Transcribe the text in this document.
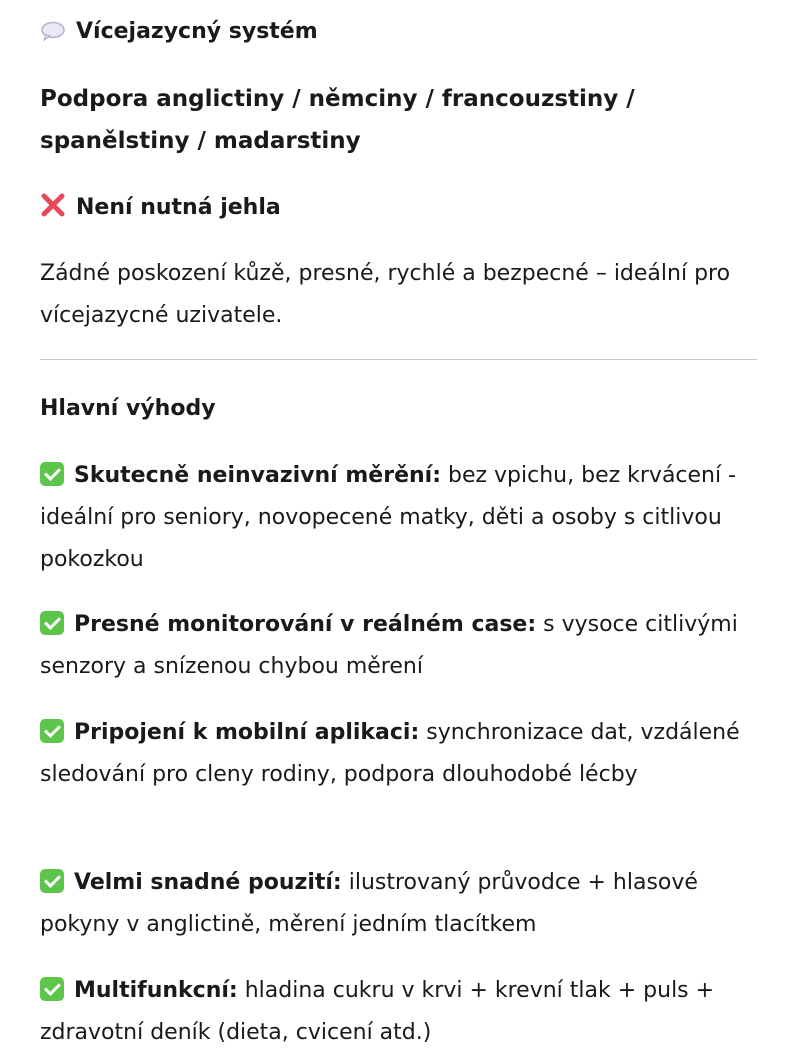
Vícejazycný systém
Podpora anglictiny / němciny / francouzstiny / spanělstiny / madarstiny
Není nutná jehla
Zádné poskození kůzě, presné, rychlé a bezpecné – ideální pro vícejazycné uzivatele.
Hlavní výhody
Skutecně neinvazivní měrění: bez vpichu, bez krvácení - ideální pro seniory, novopecené matky, děti a osoby s citlivou pokozkou
Presné monitorování v reálném case: s vysoce citlivými senzory a snízenou chybou měrení
Pripojení k mobilní aplikaci: synchronizace dat, vzdálené sledování pro cleny rodiny, podpora dlouhodobé lécby
Velmi snadné pouzití: ilustrovaný průvodce + hlasové pokyny v anglictině, měrení jedním tlacítkem
Multifunkcní: hladina cukru v krvi + krevní tlak + puls + zdravotní deník (dieta, cvicení atd.)
